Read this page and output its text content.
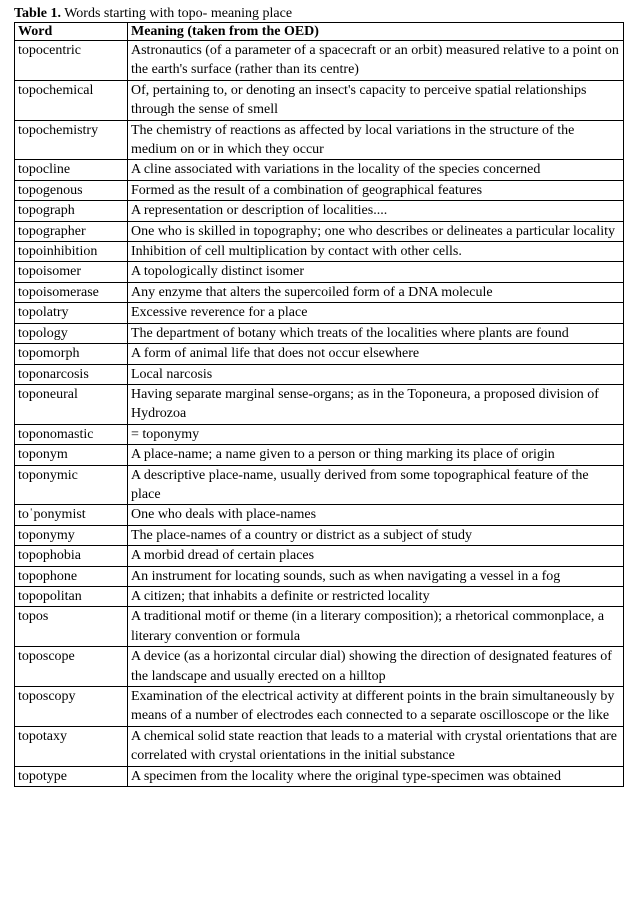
Table 1. Words starting with topo- meaning place
Word	Meaning (taken from the OED)
topocentric	Astronautics (of a parameter of a spacecraft or an orbit) measured relative to a point on the earth's surface (rather than its centre)
topochemical	Of, pertaining to, or denoting an insect's capacity to perceive spatial relationships through the sense of smell
topochemistry	The chemistry of reactions as affected by local variations in the structure of the medium on or in which they occur
topocline	A cline associated with variations in the locality of the species concerned
topogenous	Formed as the result of a combination of geographical features
topograph	A representation or description of localities....
topographer	One who is skilled in topography; one who describes or delineates a particular locality
topoinhibition	Inhibition of cell multiplication by contact with other cells.
topoisomer	A topologically distinct isomer
topoisomerase	Any enzyme that alters the supercoiled form of a DNA molecule
topolatry	Excessive reverence for a place
topology	The department of botany which treats of the localities where plants are found
topomorph	A form of animal life that does not occur elsewhere
toponarcosis	Local narcosis
toponeural	Having separate marginal sense-organs; as in the Toponeura, a proposed division of Hydrozoa
toponomastic	= toponymy
toponym	A place-name; a name given to a person or thing marking its place of origin
toponymic	A descriptive place-name, usually derived from some topographical feature of the place
toˈponymist	One who deals with place-names
toponymy	The place-names of a country or district as a subject of study
topophobia	A morbid dread of certain places
topophone	An instrument for locating sounds, such as when navigating a vessel in a fog
topopolitan	A citizen; that inhabits a definite or restricted locality
topos	A traditional motif or theme (in a literary composition); a rhetorical commonplace, a literary convention or formula
toposcope	A device (as a horizontal circular dial) showing the direction of designated features of the landscape and usually erected on a hilltop
toposcopy	Examination of the electrical activity at different points in the brain simultaneously by means of a number of electrodes each connected to a separate oscilloscope or the like
topotaxy	A chemical solid state reaction that leads to a material with crystal orientations that are correlated with crystal orientations in the initial substance
topotype	A specimen from the locality where the original type-specimen was obtained
